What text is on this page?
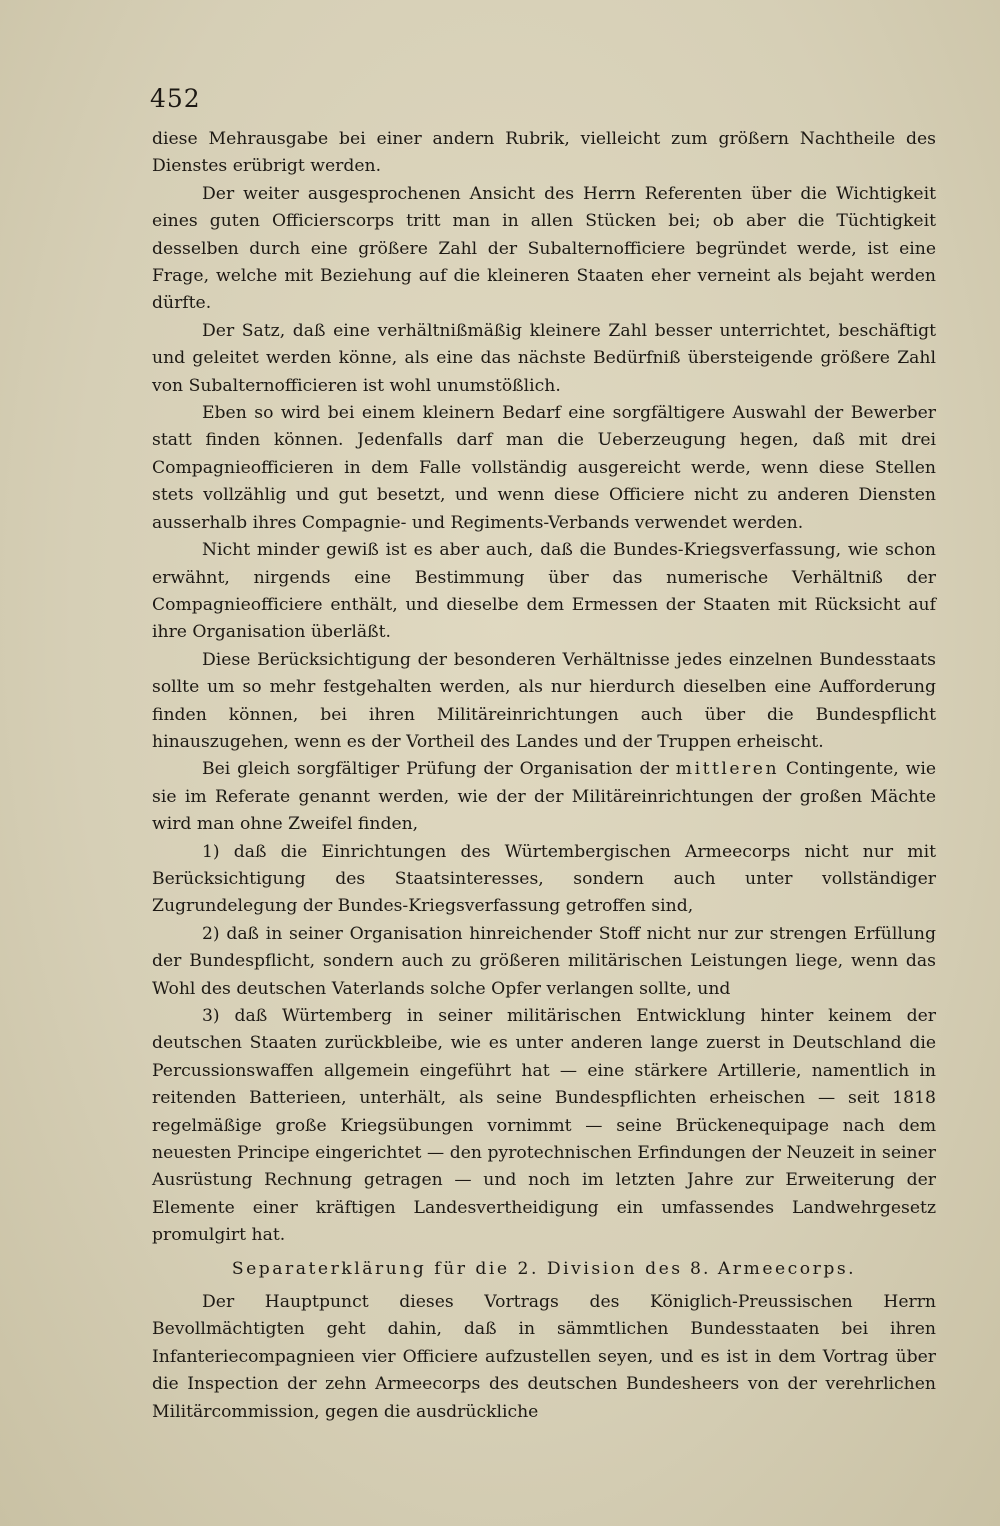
452

diese Mehrausgabe bei einer andern Rubrik, vielleicht zum größern Nachtheile des Dienstes erübrigt werden.

Der weiter ausgesprochenen Ansicht des Herrn Referenten über die Wichtigkeit eines guten Officierscorps tritt man in allen Stücken bei; ob aber die Tüchtigkeit desselben durch eine größere Zahl der Subalternofficiere begründet werde, ist eine Frage, welche mit Beziehung auf die kleineren Staaten eher verneint als bejaht werden dürfte.

Der Satz, daß eine verhältnißmäßig kleinere Zahl besser unterrichtet, beschäftigt und geleitet werden könne, als eine das nächste Bedürfniß übersteigende größere Zahl von Subalternofficieren ist wohl unumstößlich.

Eben so wird bei einem kleinern Bedarf eine sorgfältigere Auswahl der Bewerber statt finden können. Jedenfalls darf man die Ueberzeugung hegen, daß mit drei Compagnieofficieren in dem Falle vollständig ausgereicht werde, wenn diese Stellen stets vollzählig und gut besetzt, und wenn diese Officiere nicht zu anderen Diensten ausserhalb ihres Compagnie- und Regiments-Verbands verwendet werden.

Nicht minder gewiß ist es aber auch, daß die Bundes-Kriegsverfassung, wie schon erwähnt, nirgends eine Bestimmung über das numerische Verhältniß der Compagnieofficiere enthält, und dieselbe dem Ermessen der Staaten mit Rücksicht auf ihre Organisation überläßt.

Diese Berücksichtigung der besonderen Verhältnisse jedes einzelnen Bundesstaats sollte um so mehr festgehalten werden, als nur hierdurch dieselben eine Aufforderung finden können, bei ihren Militäreinrichtungen auch über die Bundespflicht hinauszugehen, wenn es der Vortheil des Landes und der Truppen erheischt.

Bei gleich sorgfältiger Prüfung der Organisation der mittleren Contingente, wie sie im Referate genannt werden, wie der der Militäreinrichtungen der großen Mächte wird man ohne Zweifel finden,

1) daß die Einrichtungen des Würtembergischen Armeecorps nicht nur mit Berücksichtigung des Staatsinteresses, sondern auch unter vollständiger Zugrundelegung der Bundes-Kriegsverfassung getroffen sind,

2) daß in seiner Organisation hinreichender Stoff nicht nur zur strengen Erfüllung der Bundespflicht, sondern auch zu größeren militärischen Leistungen liege, wenn das Wohl des deutschen Vaterlands solche Opfer verlangen sollte, und

3) daß Würtemberg in seiner militärischen Entwicklung hinter keinem der deutschen Staaten zurückbleibe, wie es unter anderen lange zuerst in Deutschland die Percussionswaffen allgemein eingeführt hat — eine stärkere Artillerie, namentlich in reitenden Batterieen, unterhält, als seine Bundespflichten erheischen — seit 1818 regelmäßige große Kriegsübungen vornimmt — seine Brückenequipage nach dem neuesten Principe eingerichtet — den pyrotechnischen Erfindungen der Neuzeit in seiner Ausrüstung Rechnung getragen — und noch im letzten Jahre zur Erweiterung der Elemente einer kräftigen Landesvertheidigung ein umfassendes Landwehrgesetz promulgirt hat.

Separaterklärung für die 2. Division des 8. Armeecorps.

Der Hauptpunct dieses Vortrags des Königlich-Preussischen Herrn Bevollmächtigten geht dahin, daß in sämmtlichen Bundesstaaten bei ihren Infanteriecompagnieen vier Officiere aufzustellen seyen, und es ist in dem Vortrag über die Inspection der zehn Armeecorps des deutschen Bundesheers von der verehrlichen Militärcommission, gegen die ausdrückliche
